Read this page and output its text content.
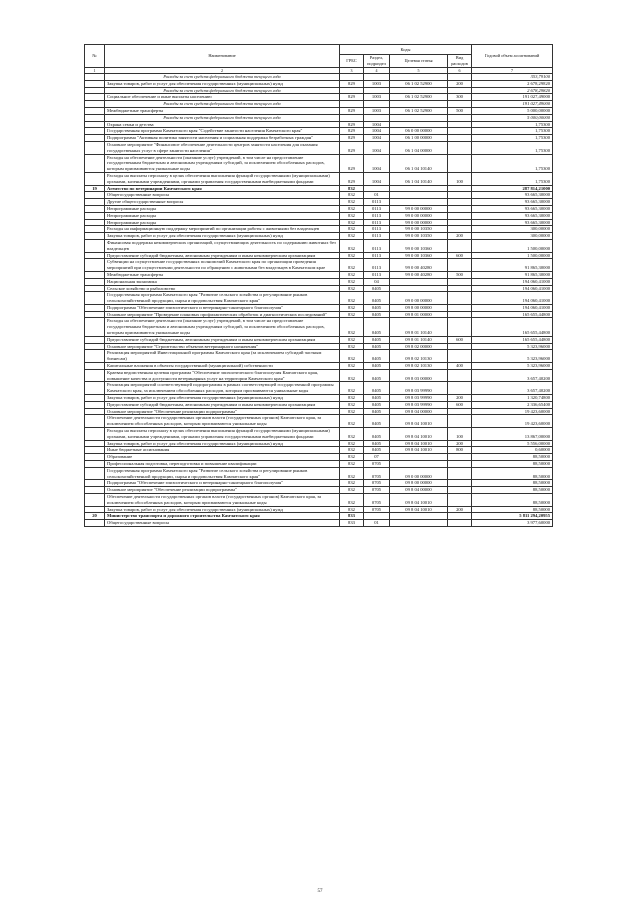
№	Наименование	Коды				Годовой объем ассигнований
		ГРБС	Раздел, подраздел	Целевая статья	Вид расходов	
1	2	3	4	5	6	7
	Расходы за счет средств федерального бюджета текущего года					353,79100
	Закупка товаров, работ и услуг для обеспечения государственных (муниципальных) нужд	829	1003	06 1 02 52900	200	2 678,29820
	Расходы за счет средств федерального бюджета текущего года					2 678,29820
	Социальное обеспечение и иные выплаты населению	829	1003	06 1 02 52900	300	191 027,49000
	Расходы за счет средств федерального бюджета текущего года					191 027,49000
	Межбюджетные трансферты	829	1003	06 1 02 52900	500	5 000,00000
	Расходы за счет средств федерального бюджета текущего года					5 000,00000
	Охрана семьи и детства	829	1004			1,75300
	Государственная программа Камчатского края "Содействие занятости населения Камчатского края"	829	1004	06 0 00 00000		1,75300
	Подпрограмма "Активная политика занятости населения и социальная поддержка безработных граждан"	829	1004	06 1 00 00000		1,75300
	Основное мероприятие "Финансовое обеспечение деятельности центров занятости населения для оказания государственных услуг в сфере занятости населения"	829	1004	06 1 04 00000		1,75300
	Расходы на обеспечение деятельности (оказание услуг) учреждений, в том числе на предоставление государственным бюджетным и автономным учреждениям субсидий, за исключением обособленных расходов, которым присваиваются уникальные коды	829	1004	06 1 04 10140		1,75300
	Расходы на выплаты персоналу в целях обеспечения выполнения функций государственными (муниципальными) органами, казенными учреждениями, органами управления государственными внебюджетными фондами	829	1004	06 1 04 10140	100	1,75300
19	Агентство по ветеринарии Камчатского края	832				287 814,21000
	Общегосударственные вопросы	832	01			93 665,30000
	Другие общегосударственные вопросы	832	0113			93 665,30000
	Непрограммные расходы	832	0113	99 0 00 00000		93 665,30000
	Непрограммные расходы	832	0113	99 0 00 00000		93 665,30000
	Непрограммные расходы	832	0113	99 0 00 00000		93 665,30000
	Расходы на информационную поддержку мероприятий по организации работы с животными без владельцев	832	0113	99 0 00 10350		300,00000
	Закупка товаров, работ и услуг для обеспечения государственных (муниципальных) нужд	832	0113	99 0 00 10350	200	300,00000
	Финансовая поддержка некоммерческих организаций, осуществляющих деятельность по содержанию животных без владельцев	832	0113	99 0 00 10360		1 500,00000
	Предоставление субсидий бюджетным, автономным учреждениям и иным некоммерческим организациям	832	0113	99 0 00 10360	600	1 500,00000
	Субвенции на осуществление государственных полномочий Камчатского края по организации проведения мероприятий при осуществлении деятельности по обращению с животными без владельцев в Камчатском крае	832	0113	99 0 00 40280		91 865,30000
	Межбюджетные трансферты	832	0113	99 0 00 40280	500	91 865,30000
	Национальная экономика	832	04			194 060,41000
	Сельское хозяйство и рыболовство	832	0405			194 060,41000
	Государственная программа Камчатского края "Развитие сельского хозяйства и регулирование рынков сельскохозяйственной продукции, сырья и продовольствия Камчатского края"	832	0405	09 0 00 00000		194 060,41000
	Подпрограмма "Обеспечение эпизоотического и ветеринарно-санитарного благополучия"	832	0405	09 8 00 00000		194 060,41000
	Основное мероприятие "Проведение плановых профилактических обработок и диагностических исследований"	832	0405	09 8 01 00000		165 655,44800
	Расходы на обеспечение деятельности (оказание услуг) учреждений, в том числе на предоставление государственным бюджетным и автономным учреждениям субсидий, за исключением обособленных расходов, которым присваиваются уникальные коды	832	0405	09 8 01 10140		165 655,44800
	Предоставление субсидий бюджетным, автономным учреждениям и иным некоммерческим организациям	832	0405	09 8 01 10140	600	165 655,44800
	Основное мероприятие "Строительство объектов ветеринарного назначения"	832	0405	09 8 02 00000		5 323,96000
	Реализация мероприятий Инвестиционной программы Камчатского края (за исключением субсидий частным бизнесам)	832	0405	09 8 02 10130		5 323,96000
	Капитальные вложения в объекты государственной (муниципальной) собственности	832	0405	09 8 02 10130	400	5 323,96000
	Краевая ведомственная целевая программа "Обеспечение эпизоотического благополучия Камчатского края, повышение качества и доступности ветеринарных услуг на территории Камчатского края"	832	0405	09 8 03 00000		3 657,40200
	Реализация мероприятий соответствующей подпрограммы в рамках соответствующей государственной программы Камчатского края, за исключением обособленных расходов, которым присваиваются уникальные коды	832	0405	09 8 03 99990		3 657,40200
	Закупка товаров, работ и услуг для обеспечения государственных (муниципальных) нужд	832	0405	09 8 03 99990	200	1 320,74800
	Предоставление субсидий бюджетным, автономным учреждениям и иным некоммерческим организациям	832	0405	09 8 03 99990	600	2 336,65400
	Основное мероприятие "Обеспечение реализации подпрограммы"	832	0405	09 8 04 00000		19 423,60000
	Обеспечение деятельности государственных органов власти (государственных органов) Камчатского края, за исключением обособленных расходов, которым присваиваются уникальные коды	832	0405	09 8 04 10010		19 423,60000
	Расходы на выплаты персоналу в целях обеспечения выполнения функций государственными (муниципальными) органами, казенными учреждениями, органами управления государственными внебюджетными фондами	832	0405	09 8 04 10010	100	13 867,00000
	Закупка товаров, работ и услуг для обеспечения государственных (муниципальных) нужд	832	0405	09 8 04 10010	200	5 556,00000
	Иные бюджетные ассигнования	832	0405	09 8 04 10010	800	0,60000
	Образование	832	07			88,50000
	Профессиональная подготовка, переподготовка и повышение квалификации	832	0705			88,50000
	Государственная программа Камчатского края "Развитие сельского хозяйства и регулирование рынков сельскохозяйственной продукции, сырья и продовольствия Камчатского края"	832	0705	09 0 00 00000		88,50000
	Подпрограмма "Обеспечение эпизоотического и ветеринарно-санитарного благополучия"	832	0705	09 8 00 00000		88,50000
	Основное мероприятие "Обеспечение реализации подпрограммы"	832	0705	09 8 04 00000		88,50000
	Обеспечение деятельности государственных органов власти (государственных органов) Камчатского края, за исключением обособленных расходов, которым присваиваются уникальные коды	832	0705	09 8 04 10010		88,50000
	Закупка товаров, работ и услуг для обеспечения государственных (муниципальных) нужд	832	0705	09 8 04 10010	200	88,50000
20	Министерство транспорта и дорожного строительства Камчатского края	833				5 811 294,20955
	Общегосударственные вопросы	833	01			3 977,60000
57
